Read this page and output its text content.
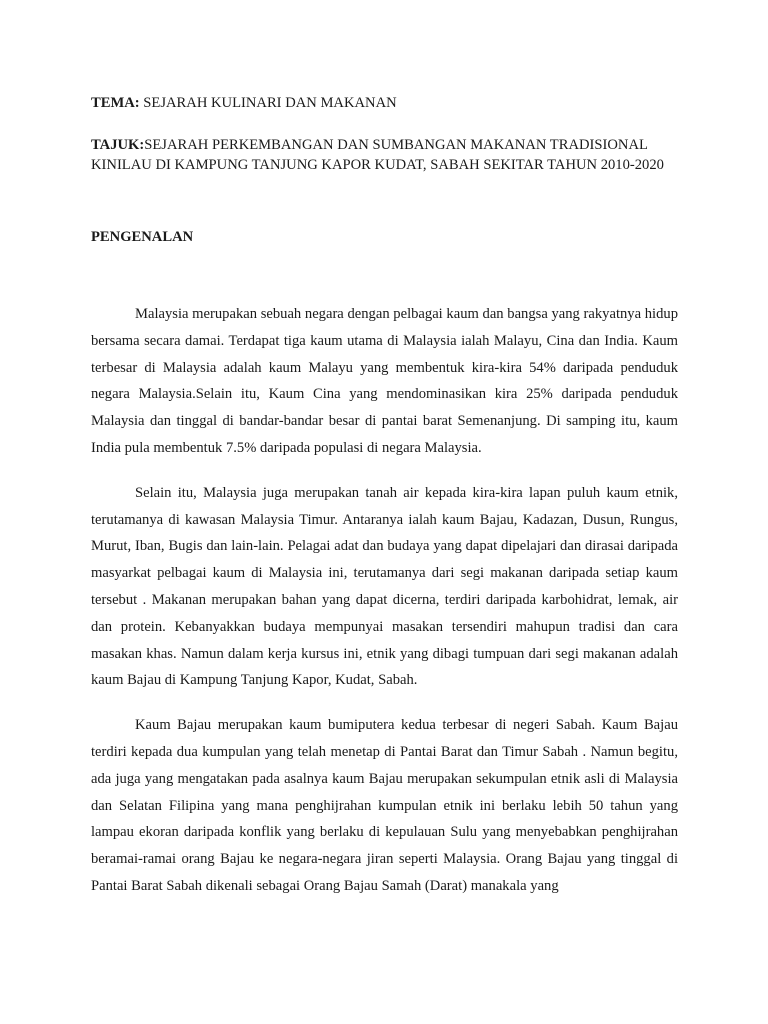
TEMA: SEJARAH KULINARI DAN MAKANAN

TAJUK:SEJARAH PERKEMBANGAN DAN SUMBANGAN MAKANAN TRADISIONAL KINILAU DI KAMPUNG TANJUNG KAPOR KUDAT, SABAH SEKITAR TAHUN 2010-2020

PENGENALAN

Malaysia merupakan sebuah negara dengan pelbagai kaum dan bangsa yang rakyatnya hidup bersama secara damai. Terdapat tiga kaum utama di Malaysia ialah Malayu, Cina dan India. Kaum terbesar di Malaysia adalah kaum Malayu yang membentuk kira-kira 54% daripada penduduk negara Malaysia.Selain itu, Kaum Cina yang mendominasikan kira 25% daripada penduduk Malaysia dan tinggal di bandar-bandar besar di pantai barat Semenanjung. Di samping itu, kaum India pula membentuk 7.5% daripada populasi di negara Malaysia.

Selain itu, Malaysia juga merupakan tanah air kepada kira-kira lapan puluh kaum etnik, terutamanya di kawasan Malaysia Timur. Antaranya ialah kaum Bajau, Kadazan, Dusun, Rungus, Murut, Iban, Bugis dan lain-lain. Pelagai adat dan budaya yang dapat dipelajari dan dirasai daripada masyarkat pelbagai kaum di Malaysia ini, terutamanya dari segi makanan daripada setiap kaum tersebut . Makanan merupakan bahan yang dapat dicerna, terdiri daripada karbohidrat, lemak, air dan protein. Kebanyakkan budaya mempunyai masakan tersendiri mahupun tradisi dan cara masakan khas. Namun dalam kerja kursus ini, etnik yang dibagi tumpuan dari segi makanan adalah kaum Bajau di Kampung Tanjung Kapor, Kudat, Sabah.

Kaum Bajau merupakan kaum bumiputera kedua terbesar di negeri Sabah. Kaum Bajau terdiri kepada dua kumpulan yang telah menetap di Pantai Barat dan Timur Sabah . Namun begitu, ada juga yang mengatakan pada asalnya kaum Bajau merupakan sekumpulan etnik asli di Malaysia dan Selatan Filipina yang mana penghijrahan kumpulan etnik ini berlaku lebih 50 tahun yang lampau ekoran daripada konflik yang berlaku di kepulauan Sulu yang menyebabkan penghijrahan beramai-ramai orang Bajau ke negara-negara jiran seperti Malaysia. Orang Bajau yang tinggal di Pantai Barat Sabah dikenali sebagai Orang Bajau Samah (Darat) manakala yang
